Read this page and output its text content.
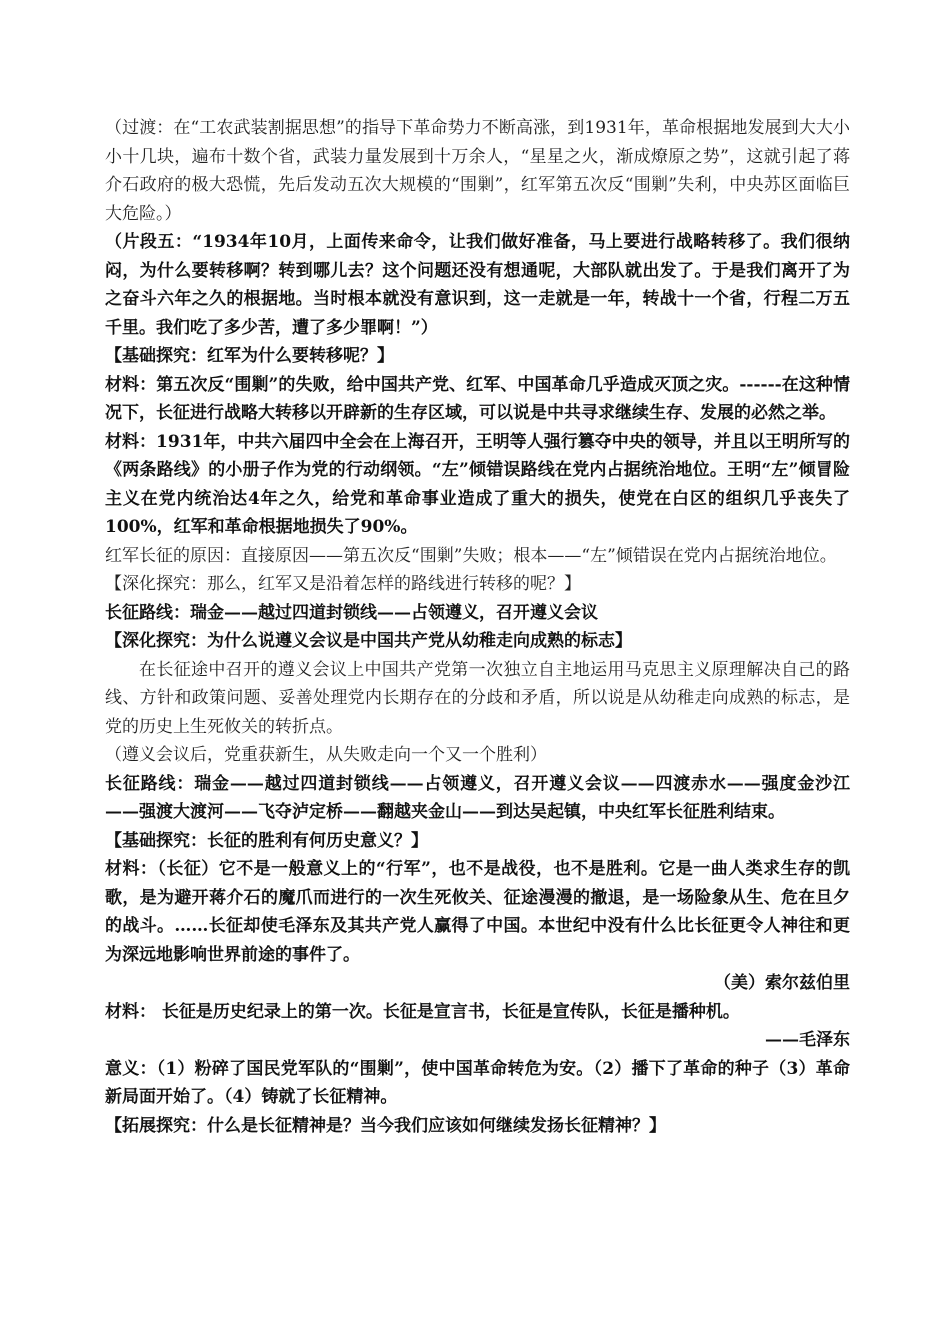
（过渡：在“工农武装割据思想”的指导下革命势力不断高涨，到1931年，革命根据地发展到大大小小十几块，遍布十数个省，武装力量发展到十万余人，“星星之火，渐成燎原之势”，这就引起了蒋介石政府的极大恐慌，先后发动五次大规模的“围剿”，红军第五次反“围剿”失利，中央苏区面临巨大危险。）

（片段五：“1934年10月，上面传来命令，让我们做好准备，马上要进行战略转移了。我们很纳闷，为什么要转移啊？转到哪儿去？这个问题还没有想通呢，大部队就出发了。于是我们离开了为之奋斗六年之久的根据地。当时根本就没有意识到，这一走就是一年，转战十一个省，行程二万五千里。我们吃了多少苦，遭了多少罪啊！”）

【基础探究：红军为什么要转移呢？】

材料：第五次反“围剿”的失败，给中国共产党、红军、中国革命几乎造成灭顶之灾。------在这种情况下，长征进行战略大转移以开辟新的生存区域，可以说是中共寻求继续生存、发展的必然之举。

材料：1931年，中共六届四中全会在上海召开，王明等人强行篡夺中央的领导，并且以王明所写的《两条路线》的小册子作为党的行动纲领。“左”倾错误路线在党内占据统治地位。王明“左”倾冒险主义在党内统治达4年之久，给党和革命事业造成了重大的损失，使党在白区的组织几乎丧失了100%，红军和革命根据地损失了90%。

红军长征的原因：直接原因——第五次反“围剿”失败；根本——“左”倾错误在党内占据统治地位。

【深化探究：那么，红军又是沿着怎样的路线进行转移的呢？】

长征路线：瑞金——越过四道封锁线——占领遵义，召开遵义会议

【深化探究：为什么说遵义会议是中国共产党从幼稚走向成熟的标志】

在长征途中召开的遵义会议上中国共产党第一次独立自主地运用马克思主义原理解决自己的路线、方针和政策问题、妥善处理党内长期存在的分歧和矛盾，所以说是从幼稚走向成熟的标志，是党的历史上生死攸关的转折点。

（遵义会议后，党重获新生，从失败走向一个又一个胜利）

长征路线：瑞金——越过四道封锁线——占领遵义，召开遵义会议——四渡赤水——强度金沙江——强渡大渡河——飞夺泸定桥——翻越夹金山——到达吴起镇，中央红军长征胜利结束。

【基础探究：长征的胜利有何历史意义？】

材料：（长征）它不是一般意义上的“行军”，也不是战役，也不是胜利。它是一曲人类求生存的凯歌，是为避开蒋介石的魔爪而进行的一次生死攸关、征途漫漫的撤退，是一场险象从生、危在旦夕的战斗。……长征却使毛泽东及其共产党人赢得了中国。本世纪中没有什么比长征更令人神往和更为深远地影响世界前途的事件了。

（美）索尔兹伯里

材料： 长征是历史纪录上的第一次。长征是宣言书，长征是宣传队，长征是播种机。

——毛泽东

意义：（1）粉碎了国民党军队的“围剿”，使中国革命转危为安。（2）播下了革命的种子（3）革命新局面开始了。（4）铸就了长征精神。

【拓展探究：什么是长征精神是？当今我们应该如何继续发扬长征精神？】
